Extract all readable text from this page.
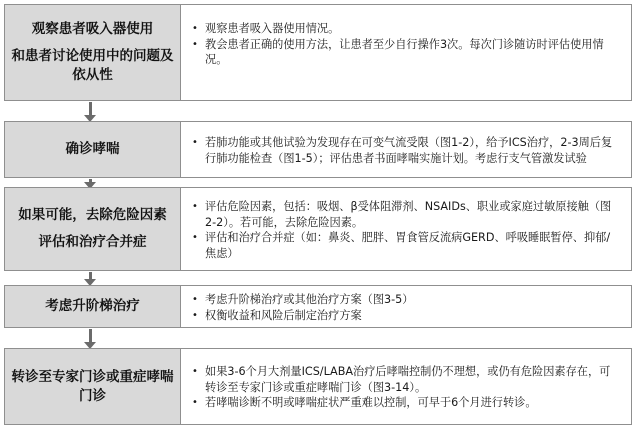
观察患者吸入器使用
和患者讨论使用中的问题及依从性
• 观察患者吸入器使用情况。
• 教会患者正确的使用方法，让患者至少自行操作3次。每次门诊随访时评估使用情况。
确诊哮喘	• 若肺功能或其他试验为发现存在可变气流受限（图1-2），给予ICS治疗，2-3周后复行肺功能检查（图1-5）；评估患者书面哮喘实施计划。考虑行支气管激发试验
如果可能，去除危险因素
评估和治疗合并症
• 评估危险因素，包括：吸烟、β受体阻滞剂、NSAIDs、职业或家庭过敏原接触（图2-2）。若可能，去除危险因素。
• 评估和治疗合并症（如：鼻炎、肥胖、胃食管反流病GERD、呼吸睡眠暂停、抑郁/焦虑）
考虑升阶梯治疗	• 考虑升阶梯治疗或其他治疗方案（图3-5）
• 权衡收益和风险后制定治疗方案
转诊至专家门诊或重症哮喘门诊
• 如果3-6个月大剂量ICS/LABA治疗后哮喘控制仍不理想，或仍有危险因素存在，可转诊至专家门诊或重症哮喘门诊（图3-14）。
• 若哮喘诊断不明或哮喘症状严重难以控制，可早于6个月进行转诊。
